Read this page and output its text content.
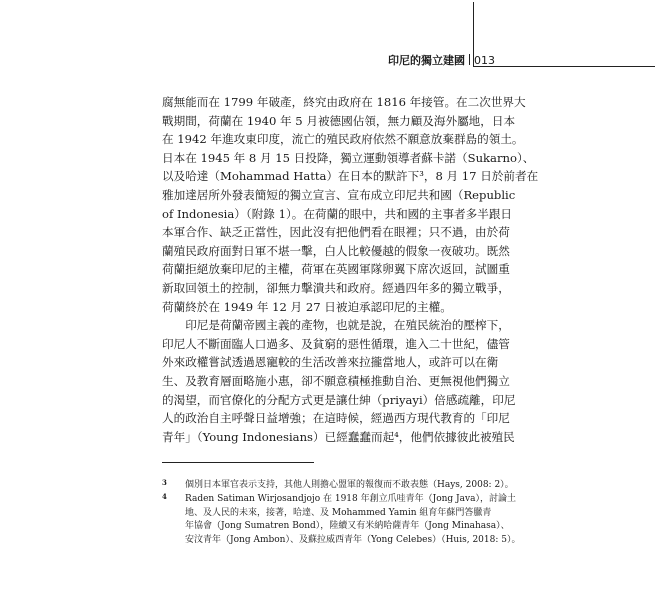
印尼的獨立建國 013
腐無能而在 1799 年破產，終究由政府在 1816 年接管。在二次世界大
戰期間，荷蘭在 1940 年 5 月被德國佔領，無力顧及海外屬地，日本
在 1942 年進攻東印度，流亡的殖民政府依然不願意放棄群島的領土。
日本在 1945 年 8 月 15 日投降，獨立運動領導者蘇卡諾（Sukarno）、
以及哈達（Mohammad Hatta）在日本的默許下³，8 月 17 日於前者在
雅加達居所外發表簡短的獨立宣言、宣布成立印尼共和國（Republic
of Indonesia）（附錄 1）。在荷蘭的眼中，共和國的主事者多半跟日
本軍合作、缺乏正當性，因此沒有把他們看在眼裡；只不過，由於荷
蘭殖民政府面對日軍不堪一擊，白人比較優越的假象一夜破功。既然
荷蘭拒絕放棄印尼的主權，荷軍在英國軍隊卵翼下席次返回，試圖重
新取回領土的控制，卻無力擊潰共和政府。經過四年多的獨立戰爭，
荷蘭終於在 1949 年 12 月 27 日被迫承認印尼的主權。
　　印尼是荷蘭帝國主義的產物，也就是說，在殖民統治的壓榨下，
印尼人不斷面臨人口過多、及貧窮的惡性循環，進入二十世紀，儘管
外來政權嘗試透過恩寵較的生活改善來拉攏當地人，或許可以在衛
生、及教育層面略施小惠，卻不願意積極推動自治、更無視他們獨立
的渴望，而官僚化的分配方式更是讓仕紳（priyayi）倍感疏離，印尼
人的政治自主呼聲日益增強；在這時候，經過西方現代教育的「印尼
青年」（Young Indonesians）已經蠢蠢而起⁴，他們依據彼此被殖民
3 個別日本軍官表示支持，其他人則擔心盟軍的報復而不敢表態（Hays, 2008: 2）。
4 Raden Satiman Wirjosandjojo 在 1918 年創立爪哇青年（Jong Java），討論土
地、及人民的未來，接著，哈達、及 Mohammed Yamin 組育年蘇門答臘青
年協會（Jong Sumatren Bond），陸續又有米納哈薩青年（Jong Minahasa）、
安汶青年（Jong Ambon）、及蘇拉威西青年（Yong Celebes）（Huis, 2018: 5）。
